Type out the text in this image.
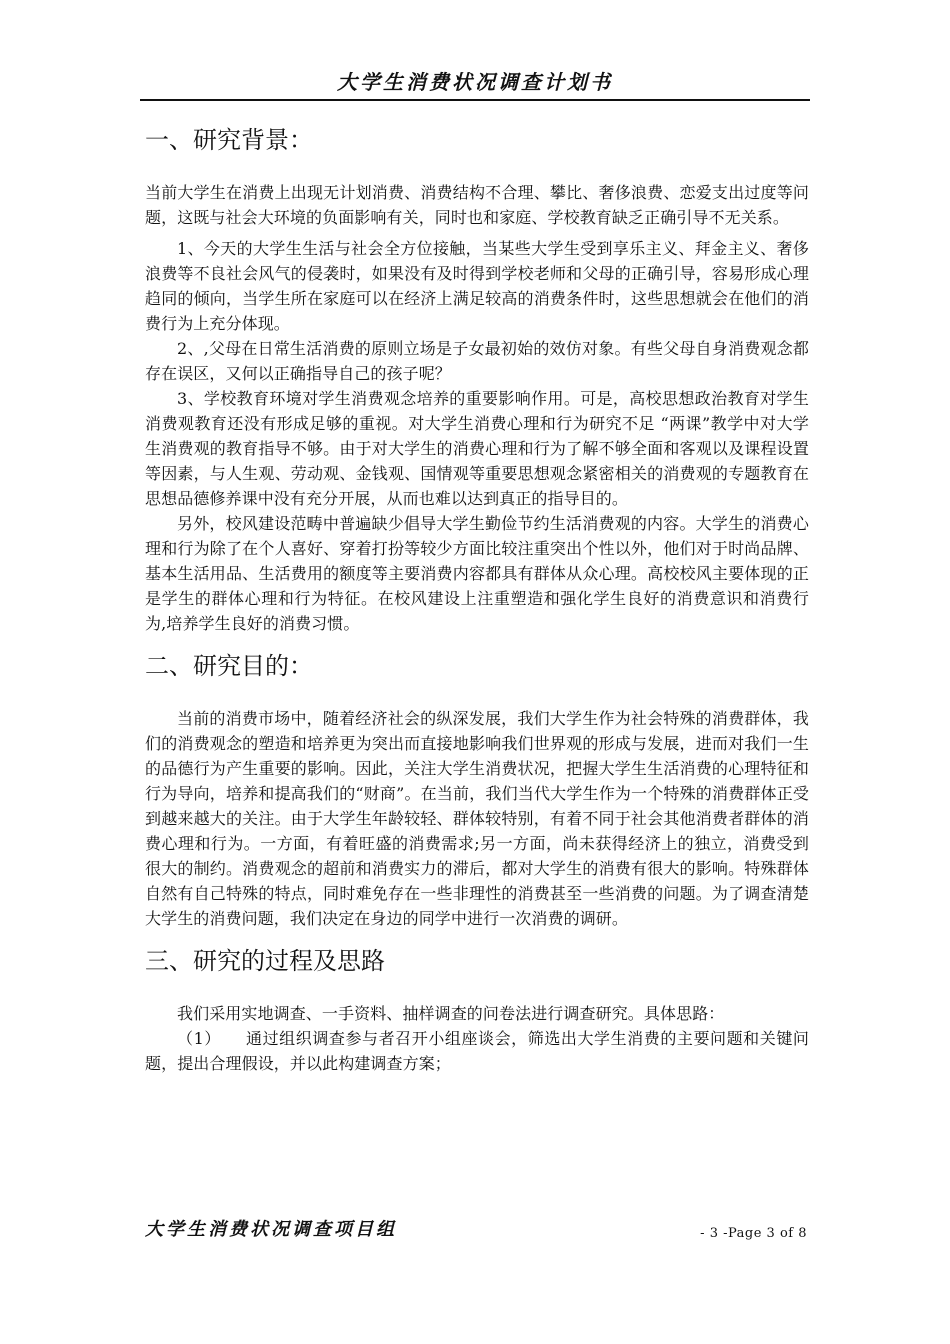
大学生消费状况调查计划书
一、研究背景：

当前大学生在消费上出现无计划消费、消费结构不合理、攀比、奢侈浪费、恋爱支出过度等问题，这既与社会大环境的负面影响有关，同时也和家庭、学校教育缺乏正确引导不无关系。

1、今天的大学生生活与社会全方位接触，当某些大学生受到享乐主义、拜金主义、奢侈浪费等不良社会风气的侵袭时，如果没有及时得到学校老师和父母的正确引导，容易形成心理趋同的倾向，当学生所在家庭可以在经济上满足较高的消费条件时，这些思想就会在他们的消费行为上充分体现。

2、,父母在日常生活消费的原则立场是子女最初始的效仿对象。有些父母自身消费观念都存在误区，又何以正确指导自己的孩子呢？

3、学校教育环境对学生消费观念培养的重要影响作用。可是，高校思想政治教育对学生消费观教育还没有形成足够的重视。对大学生消费心理和行为研究不足 “两课”教学中对大学生消费观的教育指导不够。由于对大学生的消费心理和行为了解不够全面和客观以及课程设置等因素，与人生观、劳动观、金钱观、国情观等重要思想观念紧密相关的消费观的专题教育在思想品德修养课中没有充分开展，从而也难以达到真正的指导目的。

另外，校风建设范畴中普遍缺少倡导大学生勤俭节约生活消费观的内容。大学生的消费心理和行为除了在个人喜好、穿着打扮等较少方面比较注重突出个性以外，他们对于时尚品牌、基本生活用品、生活费用的额度等主要消费内容都具有群体从众心理。高校校风主要体现的正是学生的群体心理和行为特征。在校风建设上注重塑造和强化学生良好的消费意识和消费行为,培养学生良好的消费习惯。

二、研究目的：

当前的消费市场中，随着经济社会的纵深发展，我们大学生作为社会特殊的消费群体，我们的消费观念的塑造和培养更为突出而直接地影响我们世界观的形成与发展，进而对我们一生的品德行为产生重要的影响。因此，关注大学生消费状况，把握大学生生活消费的心理特征和行为导向，培养和提高我们的“财商”。在当前，我们当代大学生作为一个特殊的消费群体正受到越来越大的关注。由于大学生年龄较轻、群体较特别，有着不同于社会其他消费者群体的消费心理和行为。一方面，有着旺盛的消费需求;另一方面，尚未获得经济上的独立，消费受到很大的制约。消费观念的超前和消费实力的滞后，都对大学生的消费有很大的影响。特殊群体自然有自己特殊的特点，同时难免存在一些非理性的消费甚至一些消费的问题。为了调查清楚大学生的消费问题，我们决定在身边的同学中进行一次消费的调研。

三、研究的过程及思路

我们采用实地调查、一手资料、抽样调查的问卷法进行调查研究。具体思路：

（1）　　通过组织调查参与者召开小组座谈会，筛选出大学生消费的主要问题和关键问题，提出合理假设，并以此构建调查方案；

大学生消费状况调查项目组	- 3 -Page 3 of 8
